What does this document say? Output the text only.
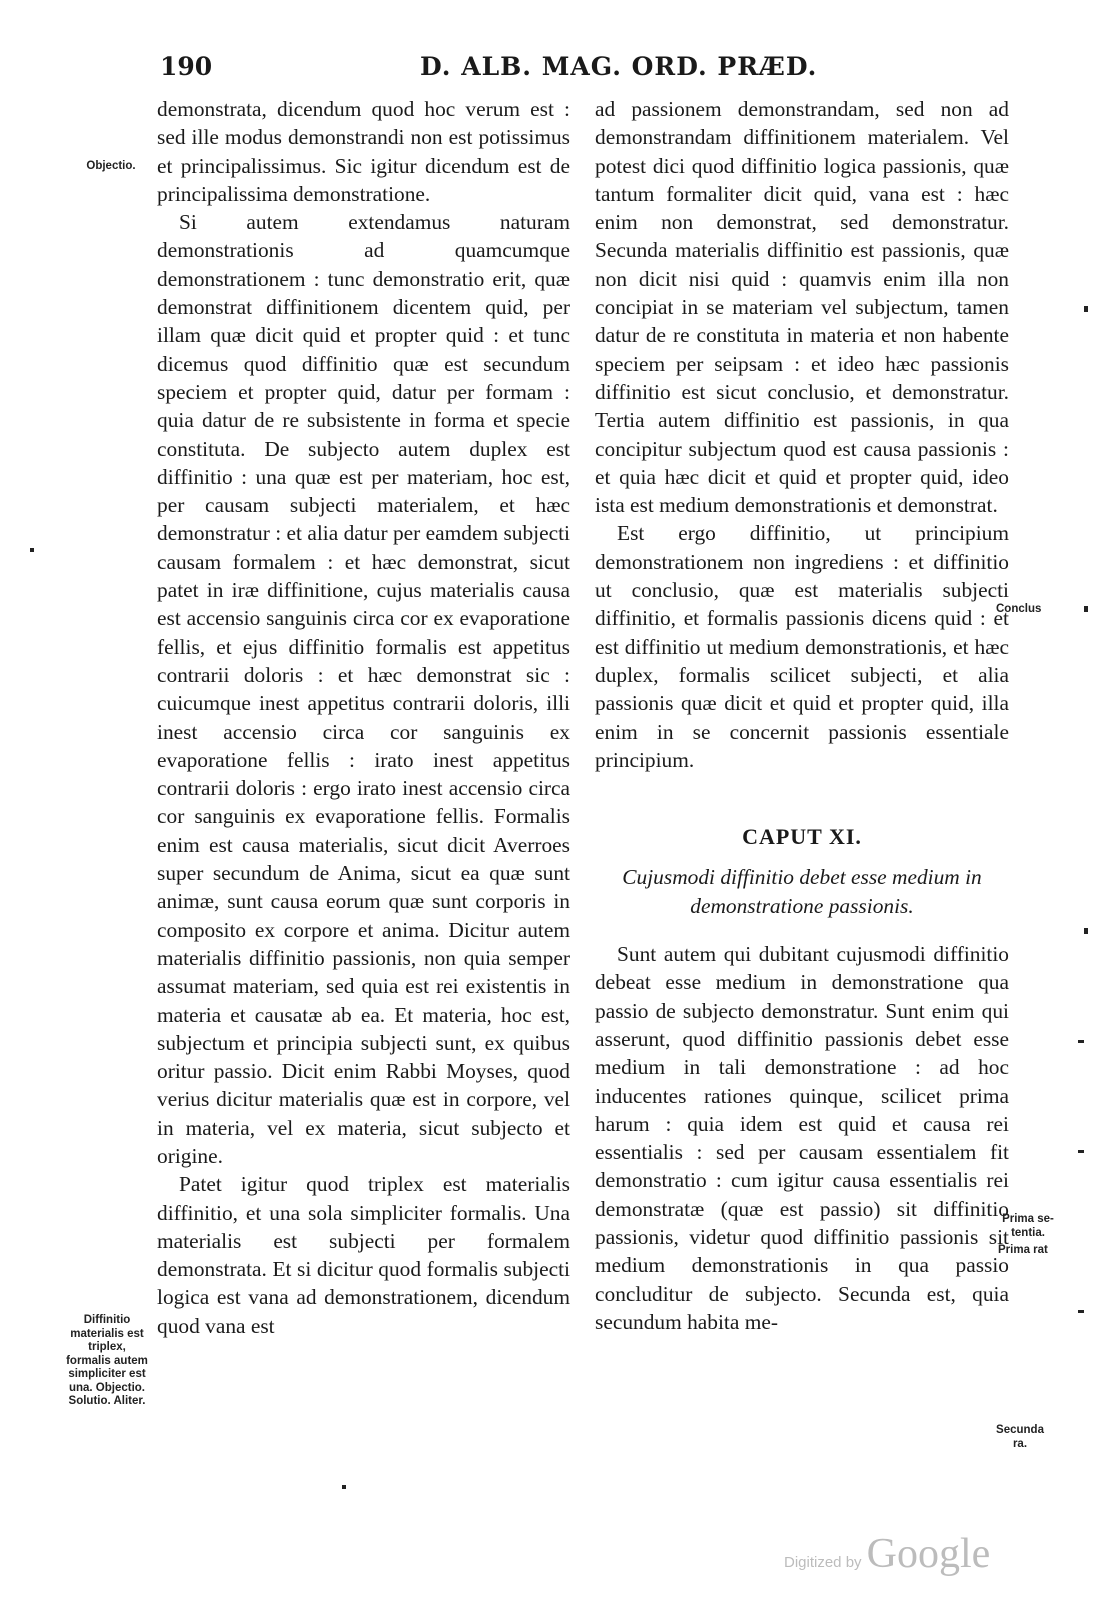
190	D. ALB. MAG. ORD. PRÆD.

demonstrata, dicendum quod hoc verum est : sed ille modus demonstrandi non est potissimus et principalissimus. Sic igitur dicendum est de principalissima demonstratione.

Si autem extendamus naturam demonstrationis ad quamcumque demonstrationem : tunc demonstratio erit, quæ demonstrat diffinitionem dicentem quid, per illam quæ dicit quid et propter quid : et tunc dicemus quod diffinitio quæ est secundum speciem et propter quid, datur per formam : quia datur de re subsistente in forma et specie constituta. De subjecto autem duplex est diffinitio : una quæ est per materiam, hoc est, per causam subjecti materialem, et hæc demonstratur : et alia datur per eamdem subjecti causam formalem : et hæc demonstrat, sicut patet in iræ diffinitione, cujus materialis causa est accensio sanguinis circa cor ex evaporatione fellis, et ejus diffinitio formalis est appetitus contrarii doloris : et hæc demonstrat sic : cuicumque inest appetitus contrarii doloris, illi inest accensio circa cor sanguinis ex evaporatione fellis : irato inest appetitus contrarii doloris : ergo irato inest accensio circa cor sanguinis ex evaporatione fellis. Formalis enim est causa materialis, sicut dicit Averroes super secundum de Anima, sicut ea quæ sunt animæ, sunt causa eorum quæ sunt corporis in composito ex corpore et anima. Dicitur autem materialis diffinitio passionis, non quia semper assumat materiam, sed quia est rei existentis in materia et causatæ ab ea. Et materia, hoc est, subjectum et principia subjecti sunt, ex quibus oritur passio. Dicit enim Rabbi Moyses, quod verius dicitur materialis quæ est in corpore, vel in materia, vel ex materia, sicut subjecto et origine.

Patet igitur quod triplex est materialis diffinitio, et una sola simpliciter formalis. Una materialis est subjecti per formalem demonstrata. Et si dicitur quod formalis subjecti logica est vana ad demonstrationem, dicendum quod vana est

ad passionem demonstrandam, sed non ad demonstrandam diffinitionem materialem. Vel potest dici quod diffinitio logica passionis, quæ tantum formaliter dicit quid, vana est : hæc enim non demonstrat, sed demonstratur. Secunda materialis diffinitio est passionis, quæ non dicit nisi quid : quamvis enim illa non concipiat in se materiam vel subjectum, tamen datur de re constituta in materia et non habente speciem per seipsam : et ideo hæc passionis diffinitio est sicut conclusio, et demonstratur. Tertia autem diffinitio est passionis, in qua concipitur subjectum quod est causa passionis : et quia hæc dicit et quid et propter quid, ideo ista est medium demonstrationis et demonstrat.

Est ergo diffinitio, ut principium demonstrationem non ingrediens : et diffinitio ut conclusio, quæ est materialis subjecti diffinitio, et formalis passionis dicens quid : et est diffinitio ut medium demonstrationis, et hæc duplex, formalis scilicet subjecti, et alia passionis quæ dicit et quid et propter quid, illa enim in se concernit passionis essentiale principium.

CAPUT XI.
Cujusmodi diffinitio debet esse medium in demonstratione passionis.

Sunt autem qui dubitant cujusmodi diffinitio debeat esse medium in demonstratione qua passio de subjecto demonstratur. Sunt enim qui asserunt, quod diffinitio passionis debet esse medium in tali demonstratione : ad hoc inducentes rationes quinque, scilicet prima harum : quia idem est quid et causa rei essentialis : sed per causam essentialem fit demonstratio : cum igitur causa essentialis rei demonstratæ (quæ est passio) sit diffinitio passionis, videtur quod diffinitio passionis sit medium demonstrationis in qua passio concluditur de subjecto. Secunda est, quia secundum habita me-

Objectio.
Conclus
Prima setentia.
Prima rat
Secunda ra.
Diffinitio materialis est triplex, formalis autem simpliciter est una. Objectio. Solutio. Aliter.
Digitized by Google
